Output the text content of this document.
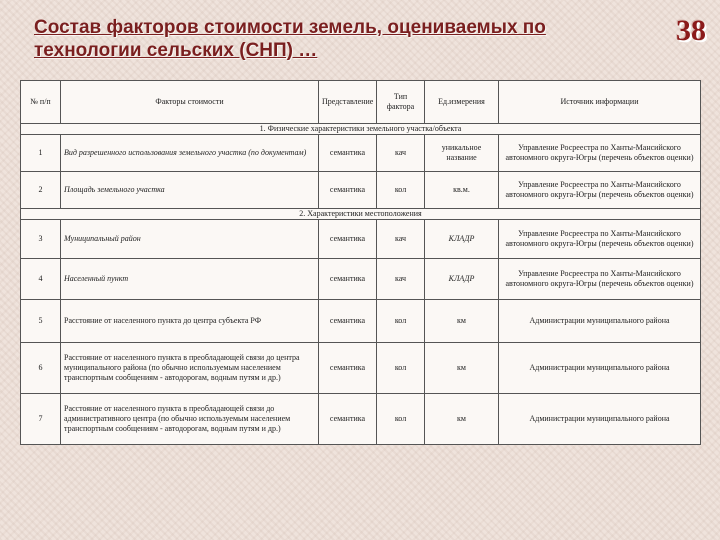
Состав факторов стоимости земель, оцениваемых по технологии сельских (СНП) …
38
№ п/п	Факторы стоимости	Представление	Тип фактора	Ед.измерения	Источник информации
1. Физические характеристики земельного участка/объекта					
1	Вид разрешенного использования земельного участка (по документам)	семантика	кач	уникальное название	Управление Росреестра по Ханты-Мансийского автономного округа-Югры (перечень объектов оценки)
2	Площадь земельного участка	семантика	кол	кв.м.	Управление Росреестра по Ханты-Мансийского автономного округа-Югры (перечень объектов оценки)
2. Характеристики местоположения					
3	Муниципальный район	семантика	кач	КЛАДР	Управление Росреестра по Ханты-Мансийского автономного округа-Югры (перечень объектов оценки)
4	Населенный пункт	семантика	кач	КЛАДР	Управление Росреестра по Ханты-Мансийского автономного округа-Югры (перечень объектов оценки)
5	Расстояние от населенного пункта до центра субъекта РФ	семантика	кол	км	Администрации муниципального района
6	Расстояние от населенного пункта в преобладающей связи до центра муниципального района (по обычно используемым населением транспортным сообщениям - автодорогам, водным путям и др.)	семантика	кол	км	Администрации муниципального района
7	Расстояние от населенного пункта в преобладающей связи до административного центра (по обычно используемым населением транспортным сообщениям - автодорогам, водным путям и др.)	семантика	кол	км	Администрации муниципального района
